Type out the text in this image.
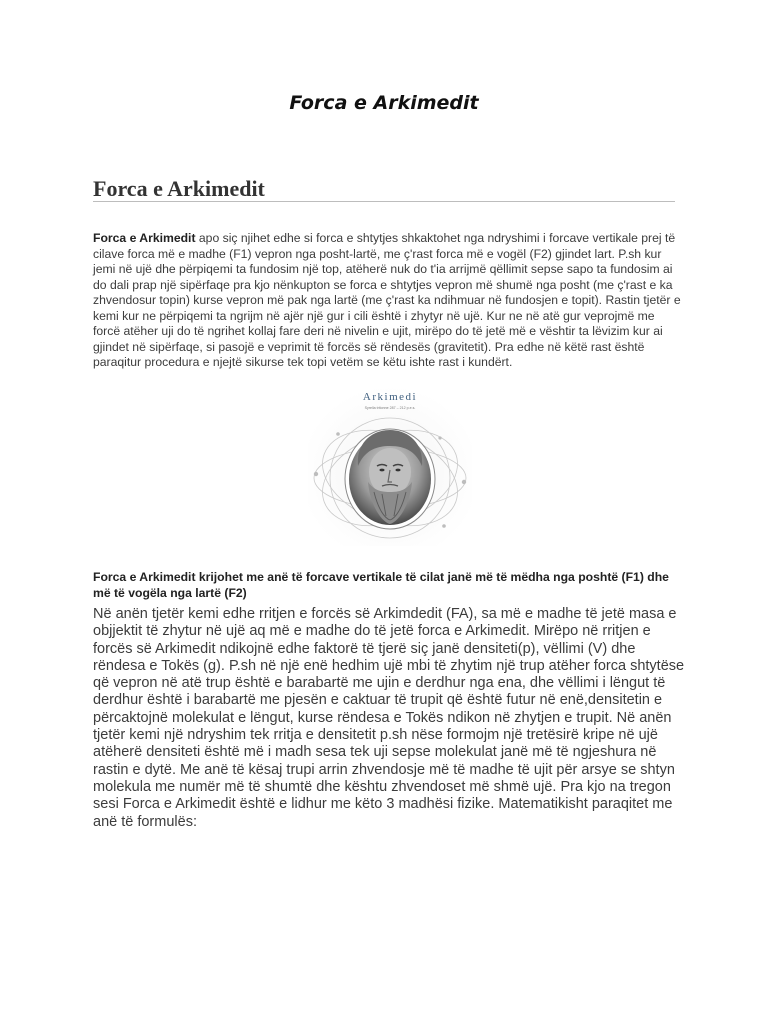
Forca e Arkimedit
Forca e Arkimedit

Forca e Arkimedit apo siç njihet edhe si forca e shtytjes shkaktohet nga ndryshimi i forcave vertikale prej të cilave forca më e madhe (F1) vepron nga posht-lartë, me ç'rast forca më e vogël (F2) gjindet lart. P.sh kur jemi në ujë dhe përpiqemi ta fundosim një top, atëherë nuk do t'ia arrijmë qëllimit sepse sapo ta fundosim ai do dali prap një sipërfaqe pra kjo nënkupton se forca e shtytjes vepron më shumë nga posht (me ç'rast e ka zhvendosur topin) kurse vepron më pak nga lartë (me ç'rast ka ndihmuar në fundosjen e topit). Rastin tjetër e kemi kur ne përpiqemi ta ngrijm në ajër një gur i cili është i zhytyr në ujë. Kur ne në atë gur veprojmë me forcë atëher uji do të ngrihet kollaj fare deri në nivelin e ujit, mirëpo do të jetë më e vështir ta lëvizim kur ai gjindet në sipërfaqe, si pasojë e veprimit të forcës së rëndesës (gravitetit). Pra edhe në këtë rast është paraqitur procedura e njejtë sikurse tek topi vetëm se këtu ishte rast i kundërt.

Arkimedi
Syrella tritonne 287 – 212 p.e.s.

Forca e Arkimedit krijohet me anë të forcave vertikale të cilat janë më të mëdha nga poshtë (F1) dhe më të vogëla nga lartë (F2)

Në anën tjetër kemi edhe rritjen e forcës së Arkimdedit (FA), sa më e madhe të jetë masa e objjektit të zhytur në ujë aq më e madhe do të jetë forca e Arkimedit. Mirëpo në rritjen e forcës së Arkimedit ndikojnë edhe faktorë të tjerë siç janë densiteti(p), vëllimi (V) dhe rëndesa e Tokës (g). P.sh në një enë hedhim ujë mbi të zhytim një trup atëher forca shtytëse që vepron në atë trup është e barabartë me ujin e derdhur nga ena, dhe vëllimi i lëngut të derdhur është i barabartë me pjesën e caktuar të trupit që është futur në enë,densitetin e përcaktojnë molekulat e lëngut, kurse rëndesa e Tokës ndikon në zhytjen e trupit. Në anën tjetër kemi një ndryshim tek rritja e densitetit p.sh nëse formojm një tretësirë kripe në ujë atëherë densiteti është më i madh sesa tek uji sepse molekulat janë më të ngjeshura në rastin e dytë. Me anë të kësaj trupi arrin zhvendosje më të madhe të ujit për arsye se shtyn molekula me numër më të shumtë dhe kështu zhvendoset më shmë ujë. Pra kjo na tregon sesi Forca e Arkimedit është e lidhur me këto 3 madhësi fizike. Matematikisht paraqitet me anë të formulës:
